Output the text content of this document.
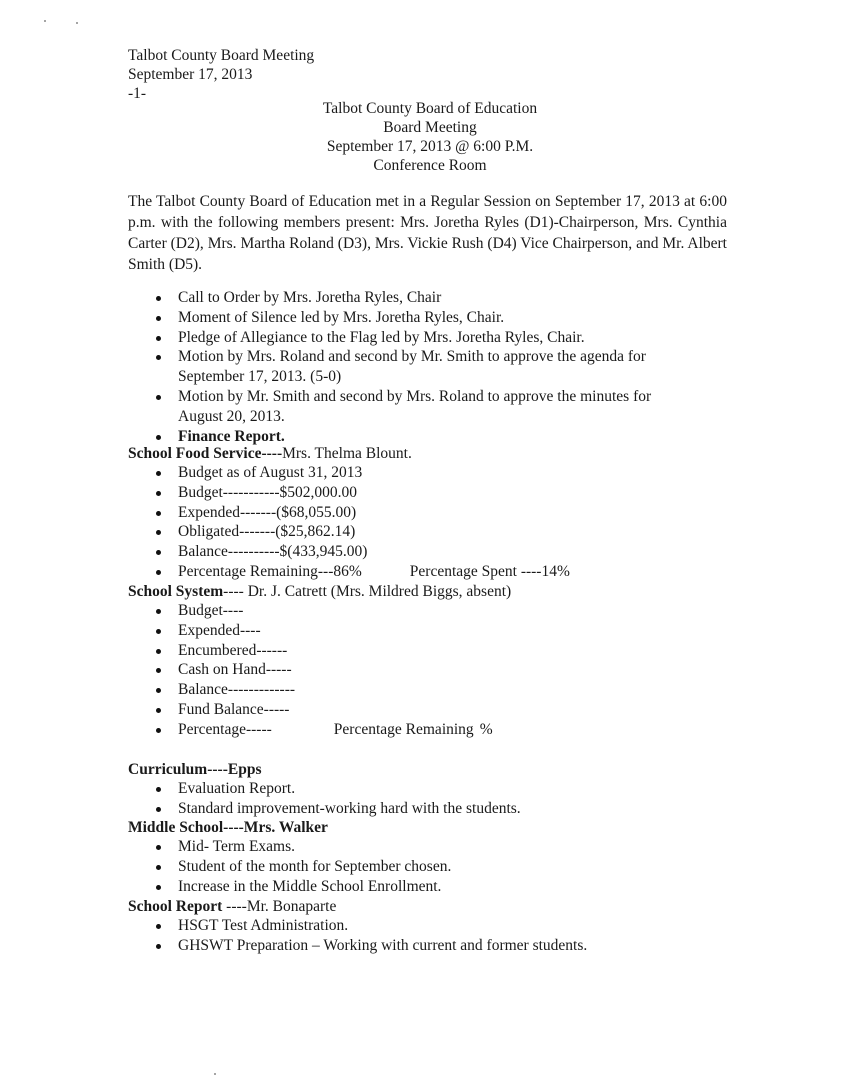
Talbot County Board Meeting
September 17, 2013
-1-
Talbot County Board of Education
Board Meeting
September 17, 2013 @ 6:00 P.M.
Conference Room
The Talbot County Board of Education met in a Regular Session on September 17, 2013 at 6:00 p.m. with the following members present: Mrs. Joretha Ryles (D1)-Chairperson, Mrs. Cynthia Carter (D2), Mrs. Martha Roland (D3), Mrs. Vickie Rush (D4) Vice Chairperson, and Mr. Albert Smith (D5).
Call to Order by Mrs. Joretha Ryles, Chair
Moment of Silence led by Mrs. Joretha Ryles, Chair.
Pledge of Allegiance to the Flag led by Mrs. Joretha Ryles, Chair.
Motion by Mrs. Roland and second by Mr. Smith to approve the agenda for
September 17, 2013. (5-0)
Motion by Mr. Smith and second by Mrs. Roland to approve the minutes for
August 20, 2013.
Finance Report.
School Food Service----Mrs. Thelma Blount.
Budget as of August 31, 2013
Budget-----------$502,000.00
Expended-------($68,055.00)
Obligated-------($25,862.14)
Balance----------$(433,945.00)
Percentage Remaining---86%	Percentage Spent ----14%
School System---- Dr. J. Catrett (Mrs. Mildred Biggs, absent)
Budget----
Expended----
Encumbered------
Cash on Hand-----
Balance-------------
Fund Balance-----
Percentage-----	Percentage Remaining %
Curriculum----Epps
Evaluation Report.
Standard improvement-working hard with the students.
Middle School----Mrs. Walker
Mid- Term Exams.
Student of the month for September chosen.
Increase in the Middle School Enrollment.
School Report ----Mr. Bonaparte
HSGT Test Administration.
GHSWT Preparation – Working with current and former students.
